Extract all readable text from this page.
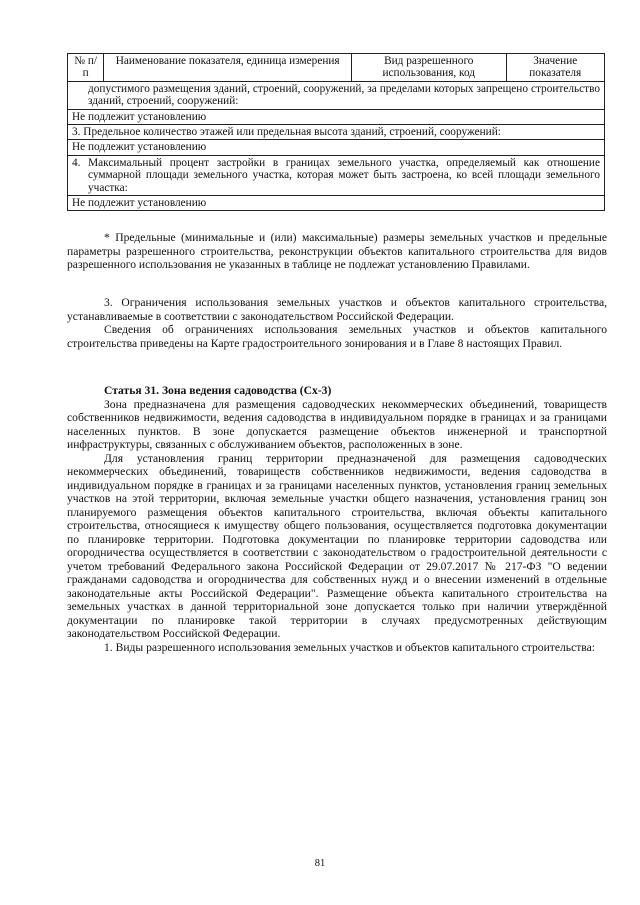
№ п/п	Наименование показателя, единица измерения	Вид разрешенного использования, код	Значение показателя
допустимого размещения зданий, строений, сооружений, за пределами которых запрещено строительство зданий, строений, сооружений:
Не подлежит установлению
3. Предельное количество этажей или предельная высота зданий, строений, сооружений:
Не подлежит установлению
4. Максимальный процент застройки в границах земельного участка, определяемый как отношение суммарной площади земельного участка, которая может быть застроена, ко всей площади земельного участка:
Не подлежит установлению

* Предельные (минимальные и (или) максимальные) размеры земельных участков и предельные параметры разрешенного строительства, реконструкции объектов капитального строительства для видов разрешенного использования не указанных в таблице не подлежат установлению Правилами.

3. Ограничения использования земельных участков и объектов капитального строительства, устанавливаемые в соответствии с законодательством Российской Федерации.

Сведения об ограничениях использования земельных участков и объектов капитального строительства приведены на Карте градостроительного зонирования и в Главе 8 настоящих Правил.

Статья 31. Зона ведения садоводства (Сх-3)

Зона предназначена для размещения садоводческих некоммерческих объединений, товариществ собственников недвижимости, ведения садоводства в индивидуальном порядке в границах и за границами населенных пунктов. В зоне допускается размещение объектов инженерной и транспортной инфраструктуры, связанных с обслуживанием объектов, расположенных в зоне.

Для установления границ территории предназначеной для размещения садоводческих некоммерческих объединений, товариществ собственников недвижимости, ведения садоводства в индивидуальном порядке в границах и за границами населенных пунктов, установления границ земельных участков на этой территории, включая земельные участки общего назначения, установления границ зон планируемого размещения объектов капитального строительства, включая объекты капитального строительства, относящиеся к имуществу общего пользования, осуществляется подготовка документации по планировке территории. Подготовка документации по планировке территории садоводства или огородничества осуществляется в соответствии с законодательством о градостроительной деятельности с учетом требований Федерального закона Российской Федерации от 29.07.2017 № 217-ФЗ "О ведении гражданами садоводства и огородничества для собственных нужд и о внесении изменений в отдельные законодательные акты Российской Федерации". Размещение объекта капитального строительства на земельных участках в данной территориальной зоне допускается только при наличии утверждённой документации по планировке такой территории в случаях предусмотренных действующим законодательством Российской Федерации.

1. Виды разрешенного использования земельных участков и объектов капитального строительства:

81
